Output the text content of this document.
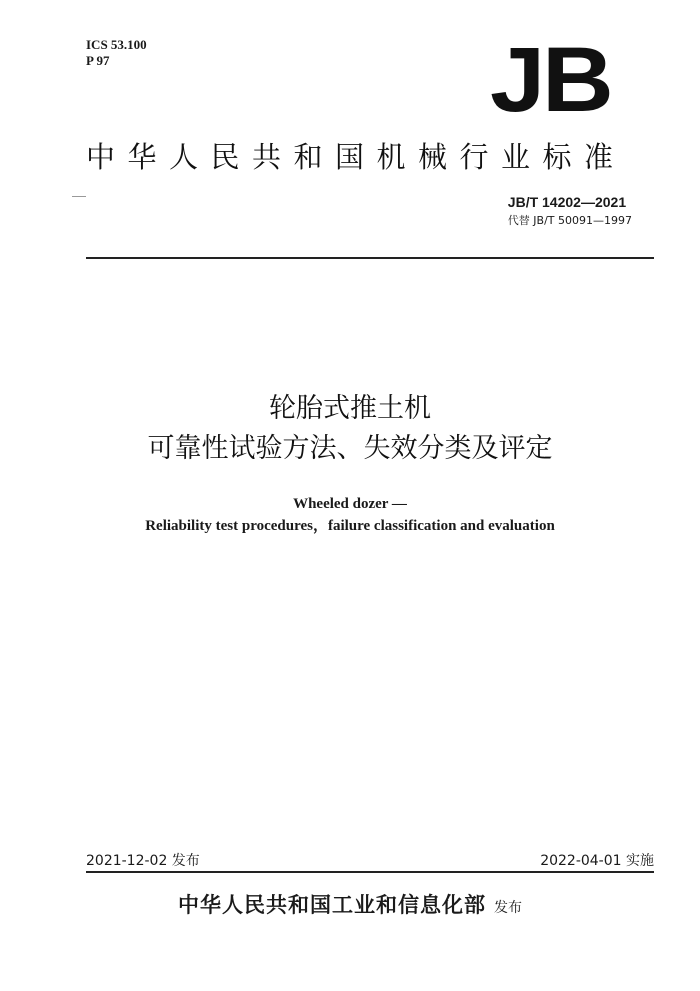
ICS 53.100
P 97	JB
中华人民共和国机械行业标准
JB/T 14202—2021
代替 JB/T 50091—1997
轮胎式推土机
可靠性试验方法、失效分类及评定
Wheeled dozer —
Reliability test procedures，failure classification and evaluation
2021-12-02 发布	2022-04-01 实施
中华人民共和国工业和信息化部 发布
